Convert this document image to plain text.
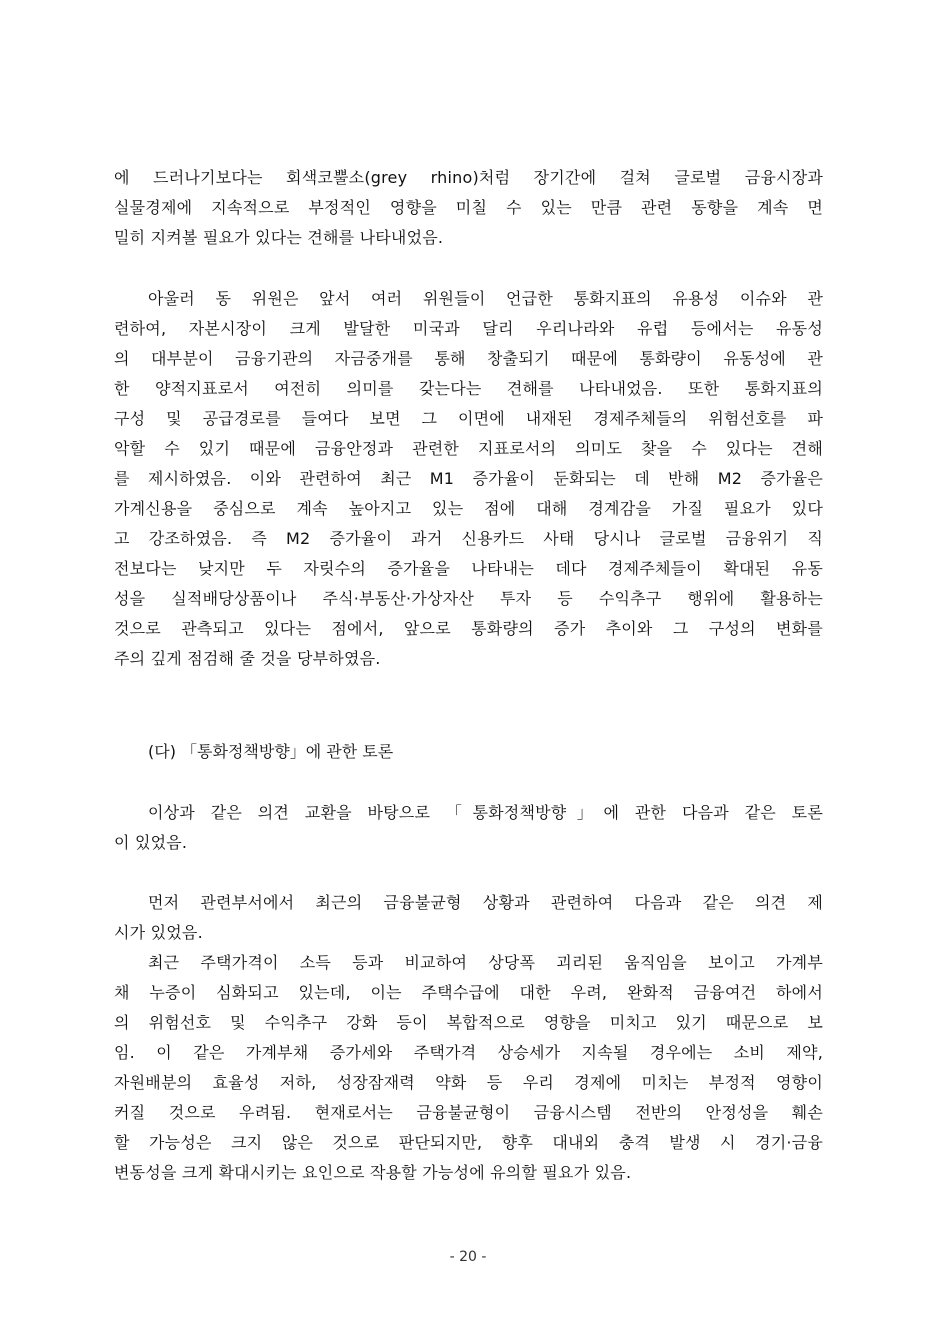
에 드러나기보다는 회색코뿔소(grey rhino)처럼 장기간에 걸쳐 글로벌 금융시장과
실물경제에 지속적으로 부정적인 영향을 미칠 수 있는 만큼 관련 동향을 계속 면
밀히 지켜볼 필요가 있다는 견해를 나타내었음.
아울러 동 위원은 앞서 여러 위원들이 언급한 통화지표의 유용성 이슈와 관
련하여, 자본시장이 크게 발달한 미국과 달리 우리나라와 유럽 등에서는 유동성
의 대부분이 금융기관의 자금중개를 통해 창출되기 때문에 통화량이 유동성에 관
한 양적지표로서 여전히 의미를 갖는다는 견해를 나타내었음. 또한 통화지표의
구성 및 공급경로를 들여다 보면 그 이면에 내재된 경제주체들의 위험선호를 파
악할 수 있기 때문에 금융안정과 관련한 지표로서의 의미도 찾을 수 있다는 견해
를 제시하였음. 이와 관련하여 최근 M1 증가율이 둔화되는 데 반해 M2 증가율은
가계신용을 중심으로 계속 높아지고 있는 점에 대해 경계감을 가질 필요가 있다
고 강조하였음. 즉 M2 증가율이 과거 신용카드 사태 당시나 글로벌 금융위기 직
전보다는 낮지만 두 자릿수의 증가율을 나타내는 데다 경제주체들이 확대된 유동
성을 실적배당상품이나 주식·부동산·가상자산 투자 등 수익추구 행위에 활용하는
것으로 관측되고 있다는 점에서, 앞으로 통화량의 증가 추이와 그 구성의 변화를
주의 깊게 점검해 줄 것을 당부하였음.
(다) 「통화정책방향」에 관한 토론
이상과 같은 의견 교환을 바탕으로 「통화정책방향」에 관한 다음과 같은 토론
이 있었음.
먼저 관련부서에서 최근의 금융불균형 상황과 관련하여 다음과 같은 의견 제
시가 있었음.
최근 주택가격이 소득 등과 비교하여 상당폭 괴리된 움직임을 보이고 가계부
채 누증이 심화되고 있는데, 이는 주택수급에 대한 우려, 완화적 금융여건 하에서
의 위험선호 및 수익추구 강화 등이 복합적으로 영향을 미치고 있기 때문으로 보
임. 이 같은 가계부채 증가세와 주택가격 상승세가 지속될 경우에는 소비 제약,
자원배분의 효율성 저하, 성장잠재력 약화 등 우리 경제에 미치는 부정적 영향이
커질 것으로 우려됨. 현재로서는 금융불균형이 금융시스템 전반의 안정성을 훼손
할 가능성은 크지 않은 것으로 판단되지만, 향후 대내외 충격 발생 시 경기·금융
변동성을 크게 확대시키는 요인으로 작용할 가능성에 유의할 필요가 있음.
- 20 -
